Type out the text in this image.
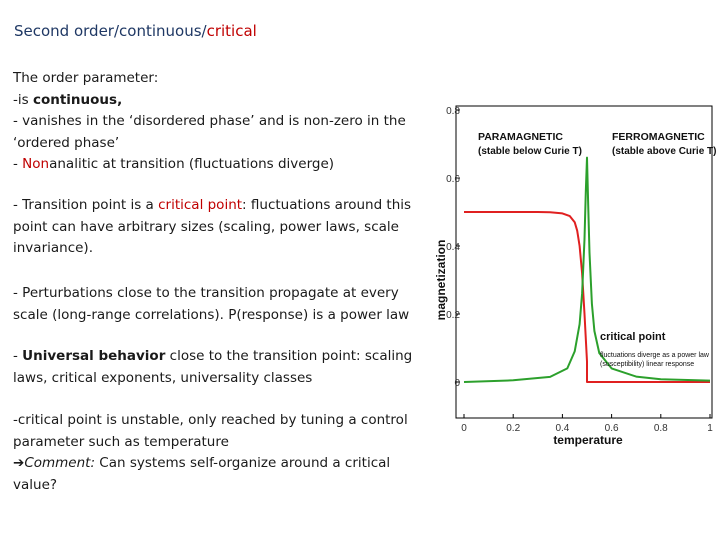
Second order/continuous/critical
The order parameter:
-is continuous,
- vanishes in the ‘disordered phase’ and is non-zero in the
‘ordered phase’
- Nonanalitic at transition (fluctuations diverge)
- Transition point is a critical point: fluctuations around this
point can have arbitrary sizes (scaling, power laws, scale
invariance).
- Perturbations close to the transition propagate at every
scale (long-range correlations). P(response) is a power law
- Universal behavior close to the transition point: scaling
laws, critical exponents, universality classes
-critical point is unstable, only reached by tuning a control
parameter such as temperature
➔Comment: Can systems self-organize around a critical
value?
0	0.2	0.4	0.6	0.8	1
0
0.2
0.4
0.6
0.8
magnetization
temperature
PARAMAGNETIC
(stable below Curie T)
FERROMAGNETIC
(stable above Curie T)
critical point
fluctuations diverge as a power law
(susceptibility) linear response
